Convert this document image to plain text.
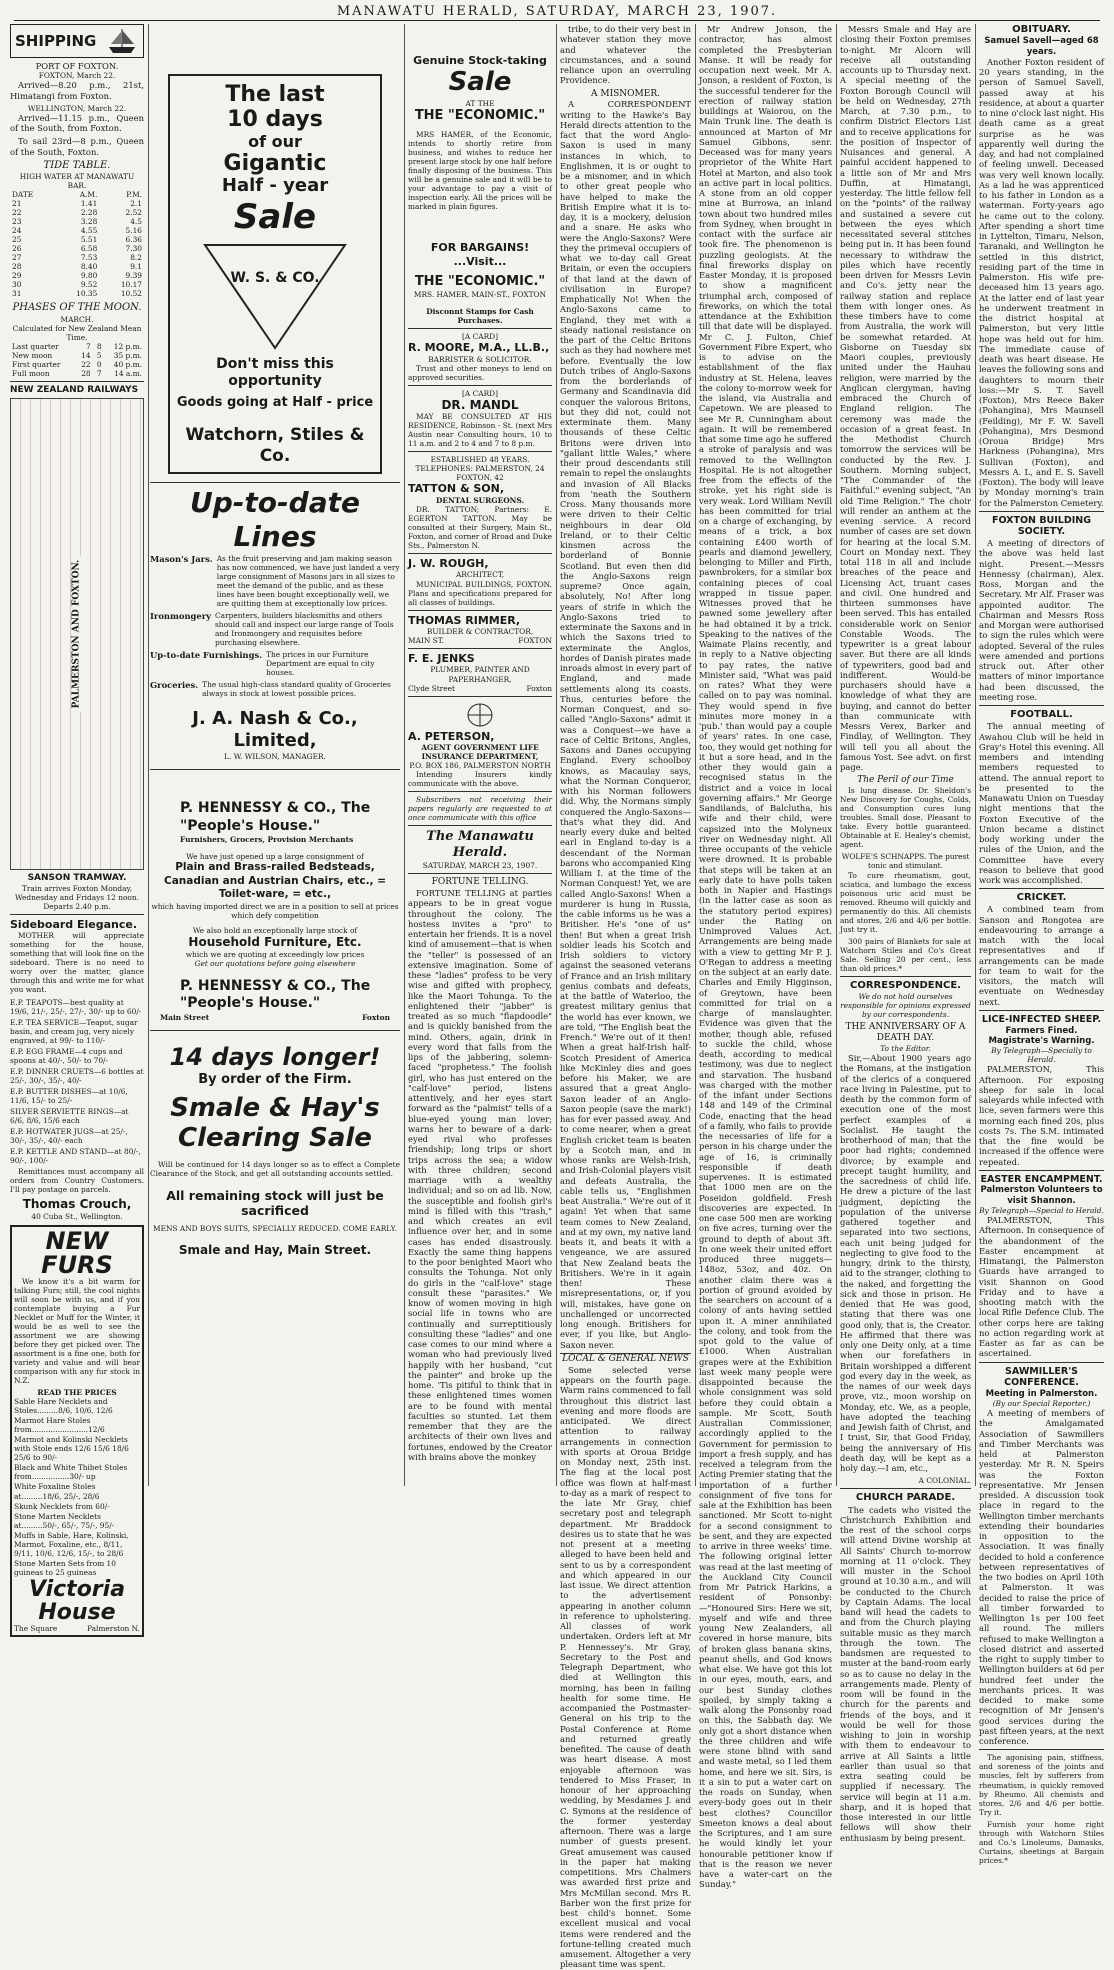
MANAWATU HERALD, SATURDAY, MARCH 23, 1907.
SHIPPING
PORT OF FOXTON.
FOXTON, March 22.

Arrived—8.20 p.m., 21st, Himatangi from Foxton.

WELLINGTON, March 22.

Arrived—11.15 p.m., Queen of the South, from Foxton.

To sail 23rd—8 p.m., Queen of the South, Foxton.

TIDE TABLE.
HIGH WATER AT MANAWATU BAR.
DATE	A.M.	P.M.
21	1.41	2.1
22	2.28	2.52
23	3.28	4.5
24	4.55	5.16
25	5.51	6.36
26	6.58	7.30
27	7.53	8.2
28	8.40	9.1
29	9.80	9.39
30	9.52	10.17
31	10.35	10.52
PHASES OF THE MOON.
MARCH.
Calculated for New Zealand Mean Time.
Last quarter	7	8	12 p.m.
New moon	14	5	35 p.m.
First quarter	22	0	40 p.m.
Full moon	28	7	14 a.m.
NEW ZEALAND RAILWAYS
PALMERSTON AND FOXTON.
SANSON TRAMWAY.
Train arrives Foxton Monday, Wednesday and Fridays 12 noon. Departs 2.40 p.m.
Sideboard Elegance.

MOTHER will appreciate something for the house, something that will look fine on the sideboard. There is no need to worry over the matter, glance through this and write me for what you want.

E.P. TEAPOTS—best quality at 19/6, 21/-, 25/-, 27/-, 30/- up to 60/-
E.P. TEA SERVICE—Teapot, sugar basin, and cream jug, very nicely engraved, at 99/- to 110/-
E.P. EGG FRAME—4 cups and spoons at 40/-, 50/- to 70/-
E.P. DINNER CRUETS—6 bottles at 25/-, 30/-, 35/-, 40/-
E.P. BUTTER DISHES—at 10/6, 11/6, 15/- to 25/-
SILVER SERVIETTE RINGS—at 6/6, 8/6, 15/6 each
E.P. HOTWATER JUGS—at 25/-, 30/-, 35/-, 40/- each
E.P. KETTLE AND STAND—at 80/-, 90/-, 100/-

Remittances must accompany all orders from Country Customers. I'll pay postage on parcels.

Thomas Crouch,
40 Cuba St., Wellington.
NEW FURS

We know it's a bit warm for talking Furs; still, the cool nights will soon be with us, and if you contemplate buying a Fur Necklet or Muff for the Winter, it would be as well to see the assortment we are showing before they get picked over. The assortment is a fine one, both for variety and value and will bear comparison with any fur stock in N.Z.

READ THE PRICES
Sable Hare Necklets and Stoles.........8/6, 10/6, 12/6
Marmot Hare Stoles from........................12/6
Marmot and Kolinski Necklets with Stole ends 12/6 15/6 18/6 25/6 to 90/-
Black and White Thibet Stoles from................30/- up
White Foxaline Stoles at.........18/6, 25/-, 28/6
Skunk Necklets from 60/-
Stone Marten Necklets at.........50/-, 65/-, 75/-, 95/-
Muffs in Sable, Hare, Kolinski, Marmot, Foxaline, etc., 8/11, 9/11, 10/6, 12/6, 15/-, to 28/6
Stone Marten Sets from 10 guineas to 25 guineas
Victoria House
The Square	Palmerston N.
The last
10 days
of our
Gigantic
Half - year
Sale
W. S. & CO.
Don't miss this opportunity
Goods going at Half - price
Watchorn, Stiles & Co.
Up-to-date Lines
Mason's Jars. As the fruit preserving and jam making season has now commenced, we have just landed a very large consignment of Masons jars in all sizes to meet the demand of the public, and as these lines have been bought exceptionally well, we are quitting them at exceptionally low prices.
Ironmongery Carpenters, builders blacksmiths and others should call and inspect our large range of Tools and Ironmongery and requisites before purchasing elsewhere.
Up-to-date Furnishings. The prices in our Furniture Department are equal to city houses.
Groceries. The usual high-class standard quality of Groceries always in stock at lowest possible prices.
J. A. Nash & Co., Limited,
L. W. WILSON, MANAGER.
P. HENNESSY & CO., The "People's House."
Furnishers, Grocers, Provision Merchants
We have just opened up a large consignment of
Plain and Brass-railed Bedsteads, Canadian and Austrian Chairs, etc., = Toilet-ware, = etc.,
which having imported direct we are in a position to sell at prices which defy competition
We also hold an exceptionally large stock of
Household Furniture, Etc.
which we are quoting at exceedingly low prices
Get our quotations before going elsewhere
P. HENNESSY & CO., The "People's House."
Main Street	Foxton
14 days longer!
By order of the Firm.
Smale & Hay's Clearing Sale

Will be continued for 14 days longer so as to effect a Complete Clearance of the Stock, and get all outstanding accounts settled.

All remaining stock will just be sacrificed
MENS AND BOYS SUITS, SPECIALLY REDUCED. COME EARLY.
Smale and Hay, Main Street.
Genuine Stock-taking
Sale
AT THE
THE "ECONOMIC."

MRS HAMER, of the Economic, intends to shortly retire from business, and wishes to reduce her present large stock by one half before finally disposing of the business. This will be a genuine sale and it will be to your advantage to pay a visit of inspection early. All the prices will be marked in plain figures.

FOR BARGAINS! ...Visit...
THE "ECONOMIC."
MRS. HAMER, MAIN-ST., FOXTON
Disconnt Stamps for Cash Purchases.
[A CARD]
R. MOORE, M.A., LL.B.,
BARRISTER & SOLICITOR.

Trust and other moneys to lend on approved securities.

[A CARD]
DR. MANDL

MAY BE CONSULTED AT HIS RESIDENCE, Robinson - St. (next Mrs Austin near Consulting hours, 10 to 11 a.m. and 2 to 4 and 7 to 8 p.m.

ESTABLISHED 48 YEARS.
TELEPHONES: PALMERSTON, 24 FOXTON, 42
TATTON & SON,
DENTAL SURGEONS.

DR. TATTON; Partners: E. EGERTON TATTON. May be consulted at their Surgery, Main St., Foxton, and corner of Broad and Duke Sts., Palmerston N.

J. W. ROUGH,
ARCHITECT,

MUNICIPAL BUILDINGS, FOXTON. Plans and specifications prepared for all classes of buildings.

THOMAS RIMMER,
BUILDER & CONTRACTOR,
MAIN ST.	FOXTON
F. E. JENKS
PLUMBER, PAINTER AND PAPERHANGER,
Clyde Street	Foxton
A. PETERSON,
AGENT GOVERNMENT LIFE INSURANCE DEPARTMENT,
P.O. BOX 186, PALMERSTON NORTH

Intending Insurers kindly communicate with the above.

Subscribers not receiving their papers regularly are requested to at once communicate with this office

The Manawatu Herald.
SATURDAY, MARCH 23, 1907.
FORTUNE TELLING.

FORTUNE TELLING at parties appears to be in great vogue throughout the colony. The hostess invites a "pro" to entertain her friends. It is a novel kind of amusement—that is when the "teller" is possessed of an extensive imagination. Some of these "ladies" profess to be very wise and gifted with prophecy, like the Maori Tohunga. To the enlightened their "jabber" is treated as so much "flapdoodle" and is quickly banished from the mind. Others, again, drink in every word that falls from the lips of the jabbering, solemn-faced "prophetess." The foolish girl, who has just entered on the "calf-love" period, listens attentively, and her eyes start forward as the "palmist" tells of a blue-eyed young man lover; warns her to beware of a dark-eyed rival who professes friendship; long trips or short trips across the sea; a widow with three children; second marriage with a wealthy individual; and so on ad lib. Now, the susceptible and foolish girl's mind is filled with this "trash," and which creates an evil influence over her, and in some cases has ended disastrously. Exactly the same thing happens to the poor benighted Maori who consults the Tohunga. Not only do girls in the "calf-love" stage consult these "parasites." We know of women moving in high social life in towns who are continually and surreptitiously consulting these "ladies" and one case comes to our mind where a woman who had previously lived happily with her husband, "cut the painter" and broke up the home. 'Tis pitiful to think that in these enlightened times women are to be found with mental faculties so stunted. Let them remember that they are the architects of their own lives and fortunes, endowed by the Creator with brains above the monkey

tribe, to do their very best in whatever station they move and whatever the circumstances, and a sound reliance upon an overruling Providence.

A MISNOMER.

A CORRESPONDENT writing to the Hawke's Bay Herald directs attention to the fact that the word Anglo-Saxon is used in many instances in which, to Englishmen, it is or ought to be a misnomer, and in which to other great people who have helped to make the British Empire what it is to-day, it is a mockery, delusion and a snare. He asks who were the Anglo-Saxons? Were they the primeval occupiers of what we to-day call Great Britain, or even the occupiers of that land at the dawn of civilisation in Europe? Emphatically No! When the Anglo-Saxons came to England, they met with a steady national resistance on the part of the Celtic Britons such as they had nowhere met before. Eventually the low Dutch tribes of Anglo-Saxons from the borderlands of Germany and Scandinavia did conquer the valorous Britons, but they did not, could not exterminate them. Many thousands of these Celtic Britons were driven into "gallant little Wales," where their proud descendants still remain to repel the onslaughts and invasion of All Blacks from 'neath the Southern Cross. Many thousands more were driven to their Celtic neighbours in dear Old Ireland, or to their Celtic kinsmen across the borderland of Bonnie Scotland. But even then did the Anglo-Saxons reign supreme? Once again, absolutely, No! After long years of strife in which the Anglo-Saxons tried to exterminate the Saxons and in which the Saxons tried to exterminate the Anglos, hordes of Danish pirates made inroads almost in every part of England, and made settlements along its coasts. Thus, centuries before the Norman Conquest, and so-called "Anglo-Saxons" admit it was a Conquest—we have a race of Celtic Britons, Angles, Saxons and Danes occupying England. Every schoolboy knows, as Macaulay says, what the Norman Conqueror, with his Norman followers did. Why, the Normans simply conquered the Anglo-Saxons—that's what they did. And nearly every duke and belted earl in England to-day is a descendant of the Norman barons who accompanied King William I. at the time of the Norman Conquest! Yet, we are called Anglo-Saxons! When a murderer is hung in Russia, the cable informs us he was a Britisher. He's "one of us" then! But when a great Irish soldier leads his Scotch and Irish soldiers to victory against the seasoned veterans of France and an Irish military genius combats and defeats, at the battle of Waterloo, the greatest military genius that the world has ever known, we are told, "The English beat the French." We're out of it then! When a great half-Irish half-Scotch President of America like McKinley dies and goes before his Maker, we are assured that a great Anglo-Saxon leader of an Anglo-Saxon people (save the mark!) has for ever passed away. And to come nearer, when a great English cricket team is beaten by a Scotch man, and in whose ranks are Welsh-Irish, and Irish-Colonial players visit and defeats Australia, the cable tells us, "Englishmen beat Australia." We're out of it again! Yet when that same team comes to New Zealand, and at my own, my native land beats it, and beats it with a vengeance, we are assured that New Zealand beats the Britishers. We're in it again then! These misrepresentations, or, if you will, mistakes, have gone on unchallenged or uncorrected long enough. Britishers for ever, if you like, but Anglo-Saxon never.

LOCAL & GENERAL NEWS

Some selected verse appears on the fourth page. Warm rains commenced to fall throughout this district last evening and more floods are anticipated. We direct attention to railway arrangements in connection with sports at Oroua Bridge on Monday next, 25th inst. The flag at the local post office was flown at half-mast to-day as a mark of respect to the late Mr Gray, chief secretary post and telegraph department. Mr Braddock desires us to state that he was not present at a meeting alleged to have been held and sent to us by a correspondent and which appeared in our last issue. We direct attention to the advertisement appearing in another column in reference to upholstering. All classes of work undertaken. Orders left at Mr P. Hennessey's. Mr Gray, Secretary to the Post and Telegraph Department, who died at Wellington this morning, has been in failing health for some time. He accompanied the Postmaster-General on his trip to the Postal Conference at Rome and returned greatly benefited. The cause of death was heart disease. A most enjoyable afternoon was tendered to Miss Fraser, in honour of her approaching wedding, by Mesdames J. and C. Symons at the residence of the former yesterday afternoon. There was a large number of guests present. Great amusement was caused in the paper hat making competitions. Mrs Chalmers was awarded first prize and Mrs McMillan second. Mrs R. Barber won the first prize for best child's bonnet. Some excellent musical and vocal items were rendered and the fortune-telling created much amusement. Altogether a very pleasant time was spent.

Mr Andrew Jonson, the contractor, has almost completed the Presbyterian Manse. It will be ready for occupation next week. Mr A. Jonson, a resident of Foxton, is the successful tenderer for the erection of railway station buildings at Waiorou, on the Main Trunk line. The death is announced at Marton of Mr Samuel Gibbons, senr. Deceased was for many years proprietor of the White Hart Hotel at Marton, and also took an active part in local politics. A stone from an old copper mine at Burrowa, an inland town about two hundred miles from Sydney, when brought in contact with the surface air took fire. The phenomenon is puzzling geologists. At the final fireworks display on Easter Monday, it is proposed to show a magnificent triumphal arch, composed of fireworks, on which the total attendance at the Exhibition till that date will be displayed. Mr C. J. Fulton, Chief Government Fibre Expert, who is to advise on the establishment of the flax industry at St. Helena, leaves the colony to-morrow week for the island, via Australia and Capetown. We are pleased to see Mr R. Cunningham about again. It will be remembered that some time ago he suffered a stroke of paralysis and was removed to the Wellington Hospital. He is not altogether free from the effects of the stroke, yet his right side is very weak. Lord William Nevill has been committed for trial on a charge of exchanging, by means of a trick, a box containing £400 worth of pearls and diamond jewellery, belonging to Miller and Firth, pawnbrokers, for a similar box containing pieces of coal wrapped in tissue paper. Witnesses proved that he pawned some jewellery after he had obtained it by a trick. Speaking to the natives of the Waimate Plains recently, and in reply to a Native objecting to pay rates, the native Minister said, "What was paid on rates? What they were called on to pay was nominal. They would spend in five minutes more money in a 'pub.' than would pay a couple of years' rates. In one case, too, they would get nothing for it but a sore head, and in the other they would gain a recognised status in the district and a voice in local governing affairs." Mr George Sandilands, of Balclutha, his wife and their child, were capsized into the Molyneux river on Wednesday night. All three occupants of the vehicle were drowned. It is probable that steps will be taken at an early date to have polls taken both in Napier and Hastings (in the latter case as soon as the statutory period expires) under the Rating on Unimproved Values Act. Arrangements are being made with a view to getting Mr P. J. O'Regan to address a meeting on the subject at an early date. Charles and Emily Higginson, of Greytown, have been committed for trial on a charge of manslaughter. Evidence was given that the mother, though able, refused to suckle the child, whose death, according to medical testimony, was due to neglect and starvation. The husband was charged with the mother of the infant under Sections 148 and 149 of the Criminal Code, enacting that the head of a family, who fails to provide the necessaries of life for a person in his charge under the age of 16, is criminally responsible if death supervenes. It is estimated that 1000 men are on the Poseidon goldfield. Fresh discoveries are expected. In one case 500 men are working on five acres, turning over the ground to depth of about 3ft. In one week their united effort produced three nuggets—148oz, 53oz, and 40z. On another claim there was a portion of ground avoided by the searchers on account of a colony of ants having settled upon it. A miner annihilated the colony, and took from the spot gold to the value of £1000. When Australian grapes were at the Exhibition last week many people were disappointed because the whole consignment was sold before they could obtain a sample. Mr Scott, South Australian Commissioner, accordingly applied to the Government for permission to import a fresh supply, and has received a telegram from the Acting Premier stating that the importation of a further consignment of five tons for sale at the Exhibition has been sanctioned. Mr Scott to-night for a second consignment to be sent, and they are expected to arrive in three weeks' time. The following original letter was read at the last meeting of the Auckland City Council from Mr Patrick Harkins, a resident of Ponsonby:—"Honoured Sirs: Here we sit, myself and wife and three young New Zealanders, all covered in horse manure, bits of broken glass banana skins, peanut shells, and God knows what else. We have got this lot in our eyes, mouth, ears, and our best Sunday clothes spoiled, by simply taking a walk along the Ponsonby road on this, the Sabbath day. We only got a short distance when the three children and wife were stone blind with sand and waste metal, so I led them home, and here we sit. Sirs, is it a sin to put a water cart on the roads on Sunday, when every-body goes out in their best clothes? Councillor Smeeton knows a deal about the Scriptures, and I am sure he would kindly let your honourable petitioner know if that is the reason we never have a water-cart on the Sunday."

Messrs Smale and Hay are closing their Foxton premises to-night. Mr Alcorn will receive all outstanding accounts up to Thursday next. A special meeting of the Foxton Borough Council will be held on Wednesday, 27th March, at 7.30 p.m., to confirm District Electors List and to receive applications for the position of Inspector of Nuisances and general. A painful accident happened to a little son of Mr and Mrs Duffin, at Himatangi, yesterday. The little fellow fell on the "points" of the railway and sustained a severe cut between the eyes which necessitated several stitches being put in. It has been found necessary to withdraw the piles which have recently been driven for Messrs Levin and Co's. jetty near the railway station and replace them with longer ones. As these timbers have to come from Australia, the work will be somewhat retarded. At Gisborne on Tuesday six Maori couples, previously united under the Hauhau religion, were married by the Anglican clergyman, having embraced the Church of England religion. The ceremony was made the occasion of a great feast. In the Methodist Church tomorrow the services will be conducted by the Rev. J. Southern. Morning subject, "The Commander of the Faithful." evening subject, "An old Time Religion." The choir will render an anthem at the evening service. A record number of cases are set down for hearing at the local S.M. Court on Monday next. They total 118 in all and include breaches of the peace and Licensing Act, truant cases and civil. One hundred and thirteen summonses have been served. This has entailed considerable work on Senior Constable Woods. The typewriter is a great labour saver. But there are all kinds of typewriters, good bad and indifferent. Would-be purchasers should have a knowledge of what they are buying, and cannot do better than communicate with Messrs Verex, Barker and Findlay, of Wellington. They will tell you all about the famous Yost. See advt. on first page.

The Peril of our Time

Is lung disease. Dr. Sheldon's New Discovery for Coughs, Colds, and Consumption cures lung troubles. Small dose. Pleasant to take. Every bottle guaranteed. Obtainable at E. Healey's chemist, agent.

WOLFE'S SCHNAPPS. The purest tonic and stimulant.

To cure rheumatism, gout, sciatica, and lumbago the excess poisonous uric acid must be removed. Rheumo will quickly and permanently do this. All chemists and stores, 2/6 and 4/6 per bottle. Just try it.

300 pairs of Blankets for sale at Watchorn Stiles and Co's Great Sale. Selling 20 per cent., less than old prices.*

CORRESPONDENCE.
We do not hold ourselves responsible for opinions expressed by our correspondents.
THE ANNIVERSARY OF A DEATH DAY.
To the Editor.

Sir,—About 1900 years ago the Romans, at the instigation of the clerics of a conquered race living in Palestine, put to death by the common form of execution one of the most perfect examples of a Socialist. He taught the brotherhood of man; that the poor had rights; condemned divorce; by example and precept taught humility, and the sacredness of child life. He drew a picture of the last judgment, depicting the population of the universe gathered together and separated into two sections, each unit being judged for neglecting to give food to the hungry, drink to the thirsty, aid to the stranger, clothing to the naked, and forgetting the sick and those in prison. He denied that He was good, stating that there was one good only, that is, the Creator. He affirmed that there was only one Deity only, at a time when our forefathers in Britain worshipped a different god every day in the week, as the names of our week days prove, viz., moon worship on Monday, etc. We, as a people, have adopted the teaching and Jewish faith of Christ, and I trust, Sir, that Good Friday, being the anniversary of His death day, will be kept as a holy day.—I am, etc.,

A COLONIAL.
CHURCH PARADE.

The cadets who visited the Christchurch Exhibition and the rest of the school corps will attend Divine worship at All Saints' Church to-morrow morning at 11 o'clock. They will muster in the School ground at 10.30 a.m., and will be conducted to the Church by Captain Adams. The local band will head the cadets to and from the Church playing suitable music as they march through the town. The bandsmen are requested to muster at the band-room early so as to cause no delay in the arrangements made. Plenty of room will be found in the church for the parents and friends of the boys, and it would be well for those wishing to join in worship with them to endeavour to arrive at All Saints a little earlier than usual so that extra seating could be supplied if necessary. The service will begin at 11 a.m. sharp, and it is hoped that those interested in our little fellows will show their enthusiasm by being present.

OBITUARY.
Samuel Savell—aged 68 years.

Another Foxton resident of 20 years standing, in the person of Samuel Savell, passed away at his residence, at about a quarter to nine o'clock last night. His death came as a great surprise as he was apparently well during the day, and had not complained of feeling unwell. Deceased was very well known locally. As a lad he was apprenticed to his father in London as a waterman. Forty-years ago he came out to the colony. After spending a short time in Lyttelton, Timaru, Nelson, Taranaki, and Wellington he settled in this district, residing part of the time in Palmerston. His wife pre-deceased him 13 years ago. At the latter end of last year he underwent treatment in the district hospital at Palmerston, but very little hope was held out for him. The immediate cause of death was heart disease. He leaves the following sons and daughters to mourn their loss:—Mr S. T. Savell (Foxton), Mrs Reece Baker (Pohangina), Mrs Maunsell (Feilding), Mr F. W. Savell (Pohangina), Mrs Desmond (Oroua Bridge) Mrs Harkness (Pohangina), Mrs Sullivan (Foxton), and Messrs A. L, and E. S. Savell (Foxton). The body will leave by Monday morning's train for the Palmerston Cemetery.

FOXTON BUILDING SOCIETY.

A meeting of directors of the above was held last night. Present.—Messrs Hennessy (chairman), Alex. Ross, Morgan and the Secretary. Mr Alf. Fraser was appointed auditor. The Chairman and Messrs Ross and Morgan were authorised to sign the rules which were adopted. Several of the rules were amended and portions struck out. After other matters of minor importance had been discussed, the meeting rose.

FOOTBALL.

The annual meeting of Awahou Club will be held in Gray's Hotel this evening. All members and intending members requested to attend. The annual report to be presented to the Manawatu Union on Tuesday night mentions that the Foxton Executive of the Union became a distinct body working under the rules of the Union, and the Committee have every reason to believe that good work was accomplished.

CRICKET.

A combined team from Sanson and Rongotea are endeavouring to arrange a match with the local representatives and if arrangements can be made for team to wait for the visitors, the match will eventuate on Wednesday next.

LICE-INFECTED SHEEP.
Farmers Fined.
Magistrate's Warning.
By Telegraph—Specially to Herald.

PALMERSTON, This Afternoon. For exposing sheep for sale in local saleyards while infected with lice, seven farmers were this morning each fined 20s, plus costs 7s. The S.M. intimated that the fine would be increased if the offence were repeated.

EASTER ENCAMPMENT.
Palmerston Volunteers to visit Shannon.
By Telegraph—Special to Herald.

PALMERSTON, This Afternoon. In consequence of the abandonment of the Easter encampment at Himatangi, the Palmerston Guards have arranged to visit Shannon on Good Friday and to have a shooting match with the local Rifle Defence Club. The other corps here are taking no action regarding work at Easter as far as can be ascertained.

SAWMILLER'S CONFERENCE.
Meeting in Palmerston.
(By our Special Reporter.)

A meeting of members of the Amalgamated Association of Sawmillers and Timber Merchants was held at Palmerston yesterday. Mr R. N. Speirs was the Foxton representative. Mr Jensen presided. A discussion took place in regard to the Wellington timber merchants extending their boundaries in opposition to the Association. It was finally decided to hold a conference between representatives of the two bodies on April 10th at Palmerston. It was decided to raise the price of all timber forwarded to Wellington 1s per 100 feet all round. The millers refused to make Wellington a closed district and asserted the right to supply timber to Wellington builders at 6d per hundred feet under the merchants prices. It was decided to make some recognition of Mr Jensen's good services during the past fifteen years, at the next conference.

The agonising pain, stiffness, and soreness of the joints and muscles, felt by sufferers from rheumatism, is quickly removed by Rheumo. All chemists and stores, 2/6 and 4/6 per bottle. Try it.

Furnish your home right through with Watchorn Stiles and Co.'s Linoleums, Damasks, Curtains, sheetings at Bargain prices.*
